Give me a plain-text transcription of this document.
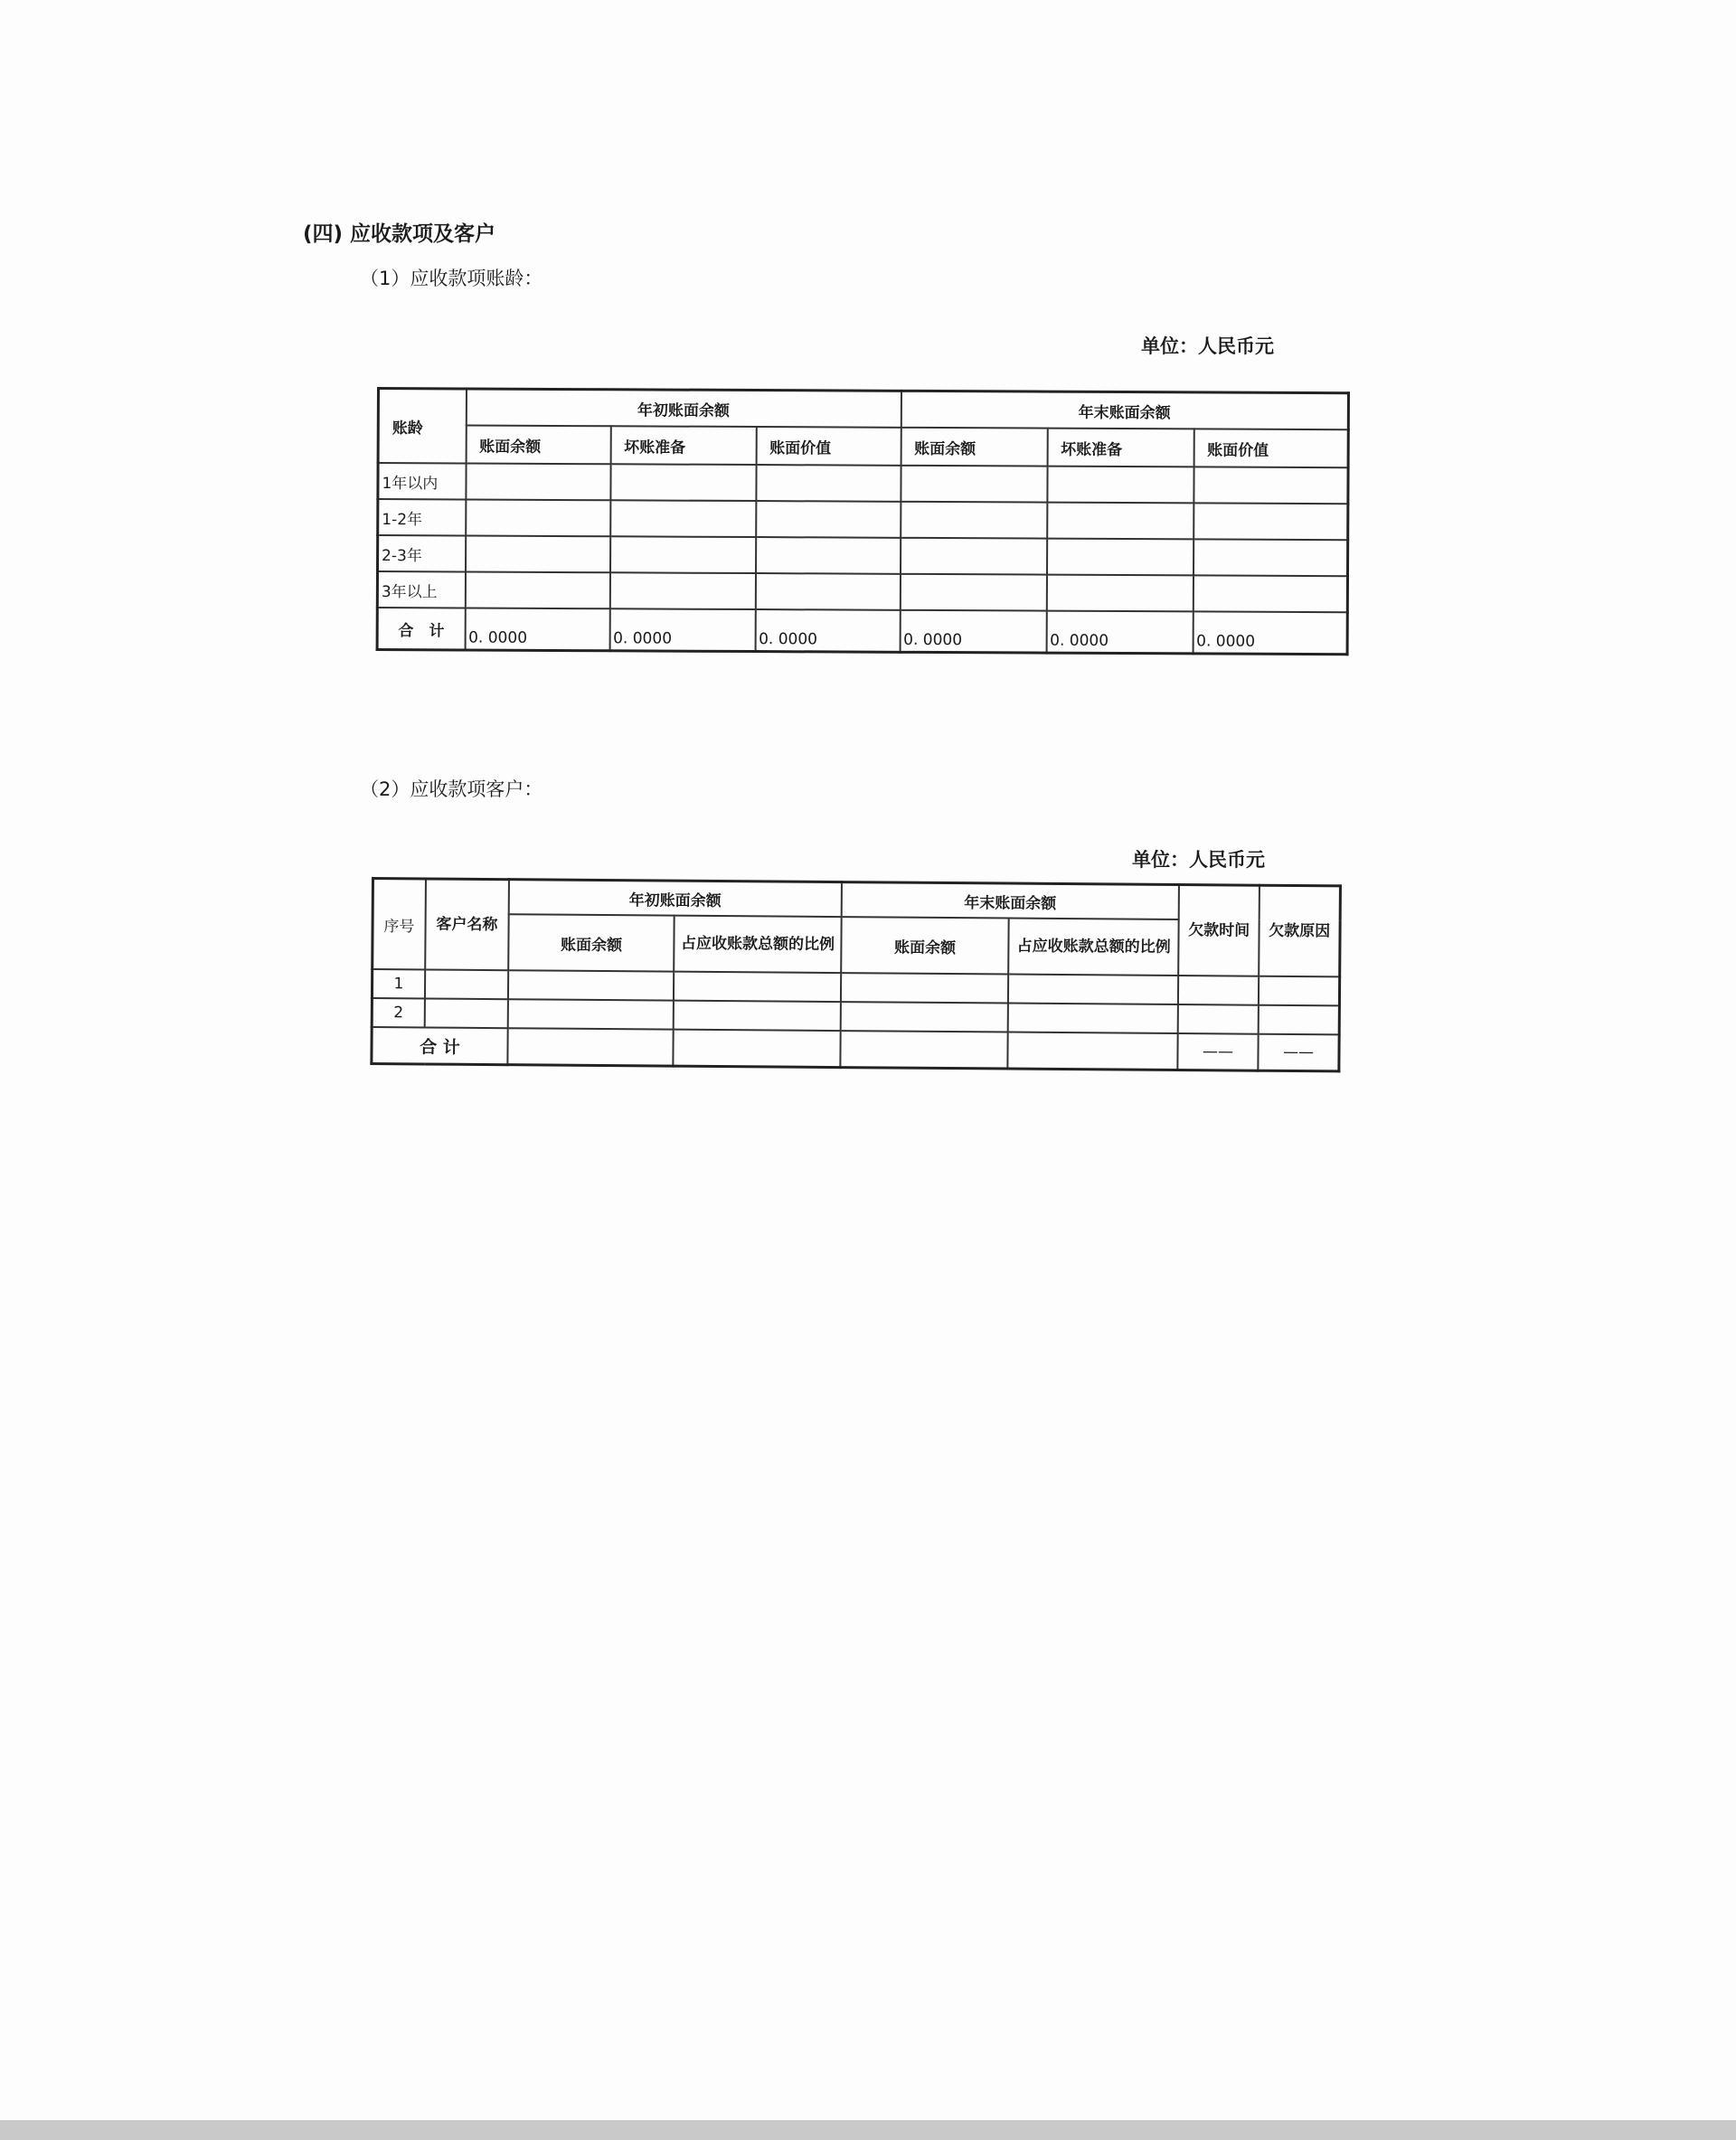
(四) 应收款项及客户
（1）应收款项账龄：
单位：人民币元
账龄	年初账面余额			年末账面余额		
	账面余额	坏账准备	账面价值	账面余额	坏账准备	账面价值
1年以内						
1-2年						
2-3年						
3年以上						
合　计	0. 0000	0. 0000	0. 0000	0. 0000	0. 0000	0. 0000
（2）应收款项客户：
单位：人民币元
序号	客户名称	年初账面余额		年末账面余额		欠款时间	欠款原因
		账面余额	占应收账款总额的比例	账面余额	占应收账款总额的比例		
1							
2							
合 计						——	——
